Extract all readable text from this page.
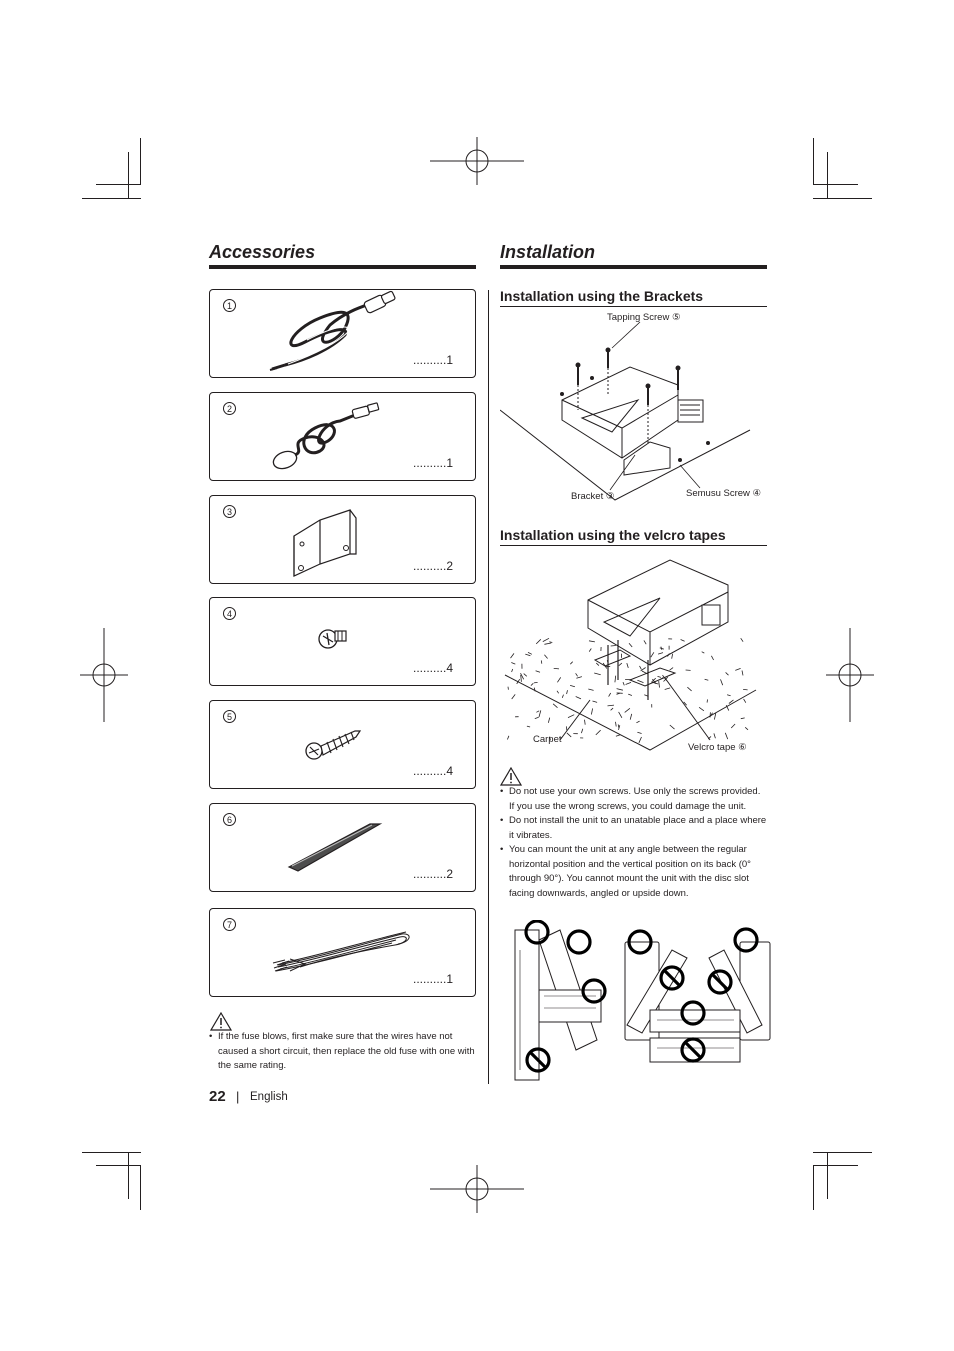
Accessories
1
..........1
2
..........1
3
..........2
4
..........4
5
..........4
6
..........2
7
..........1
• If the fuse blows, first make sure that the wires have not caused a short circuit, then replace the old fuse with one with the same rating.
Installation
Installation using the Brackets
Tapping Screw ⑤
Bracket ③	Semusu Screw ④
Installation using the velcro tapes
Carpet
Velcro tape ⑥
• Do not use your own screws. Use only the screws provided. If you use the wrong screws, you could damage the unit.
• Do not install the unit to an unatable place and a place where it vibrates.
• You can mount the unit at any angle between the regular horizontal position and the vertical position on its back (0° through 90°). You cannot mount the unit with the disc slot facing downwards, angled or upside down.
22 | English
